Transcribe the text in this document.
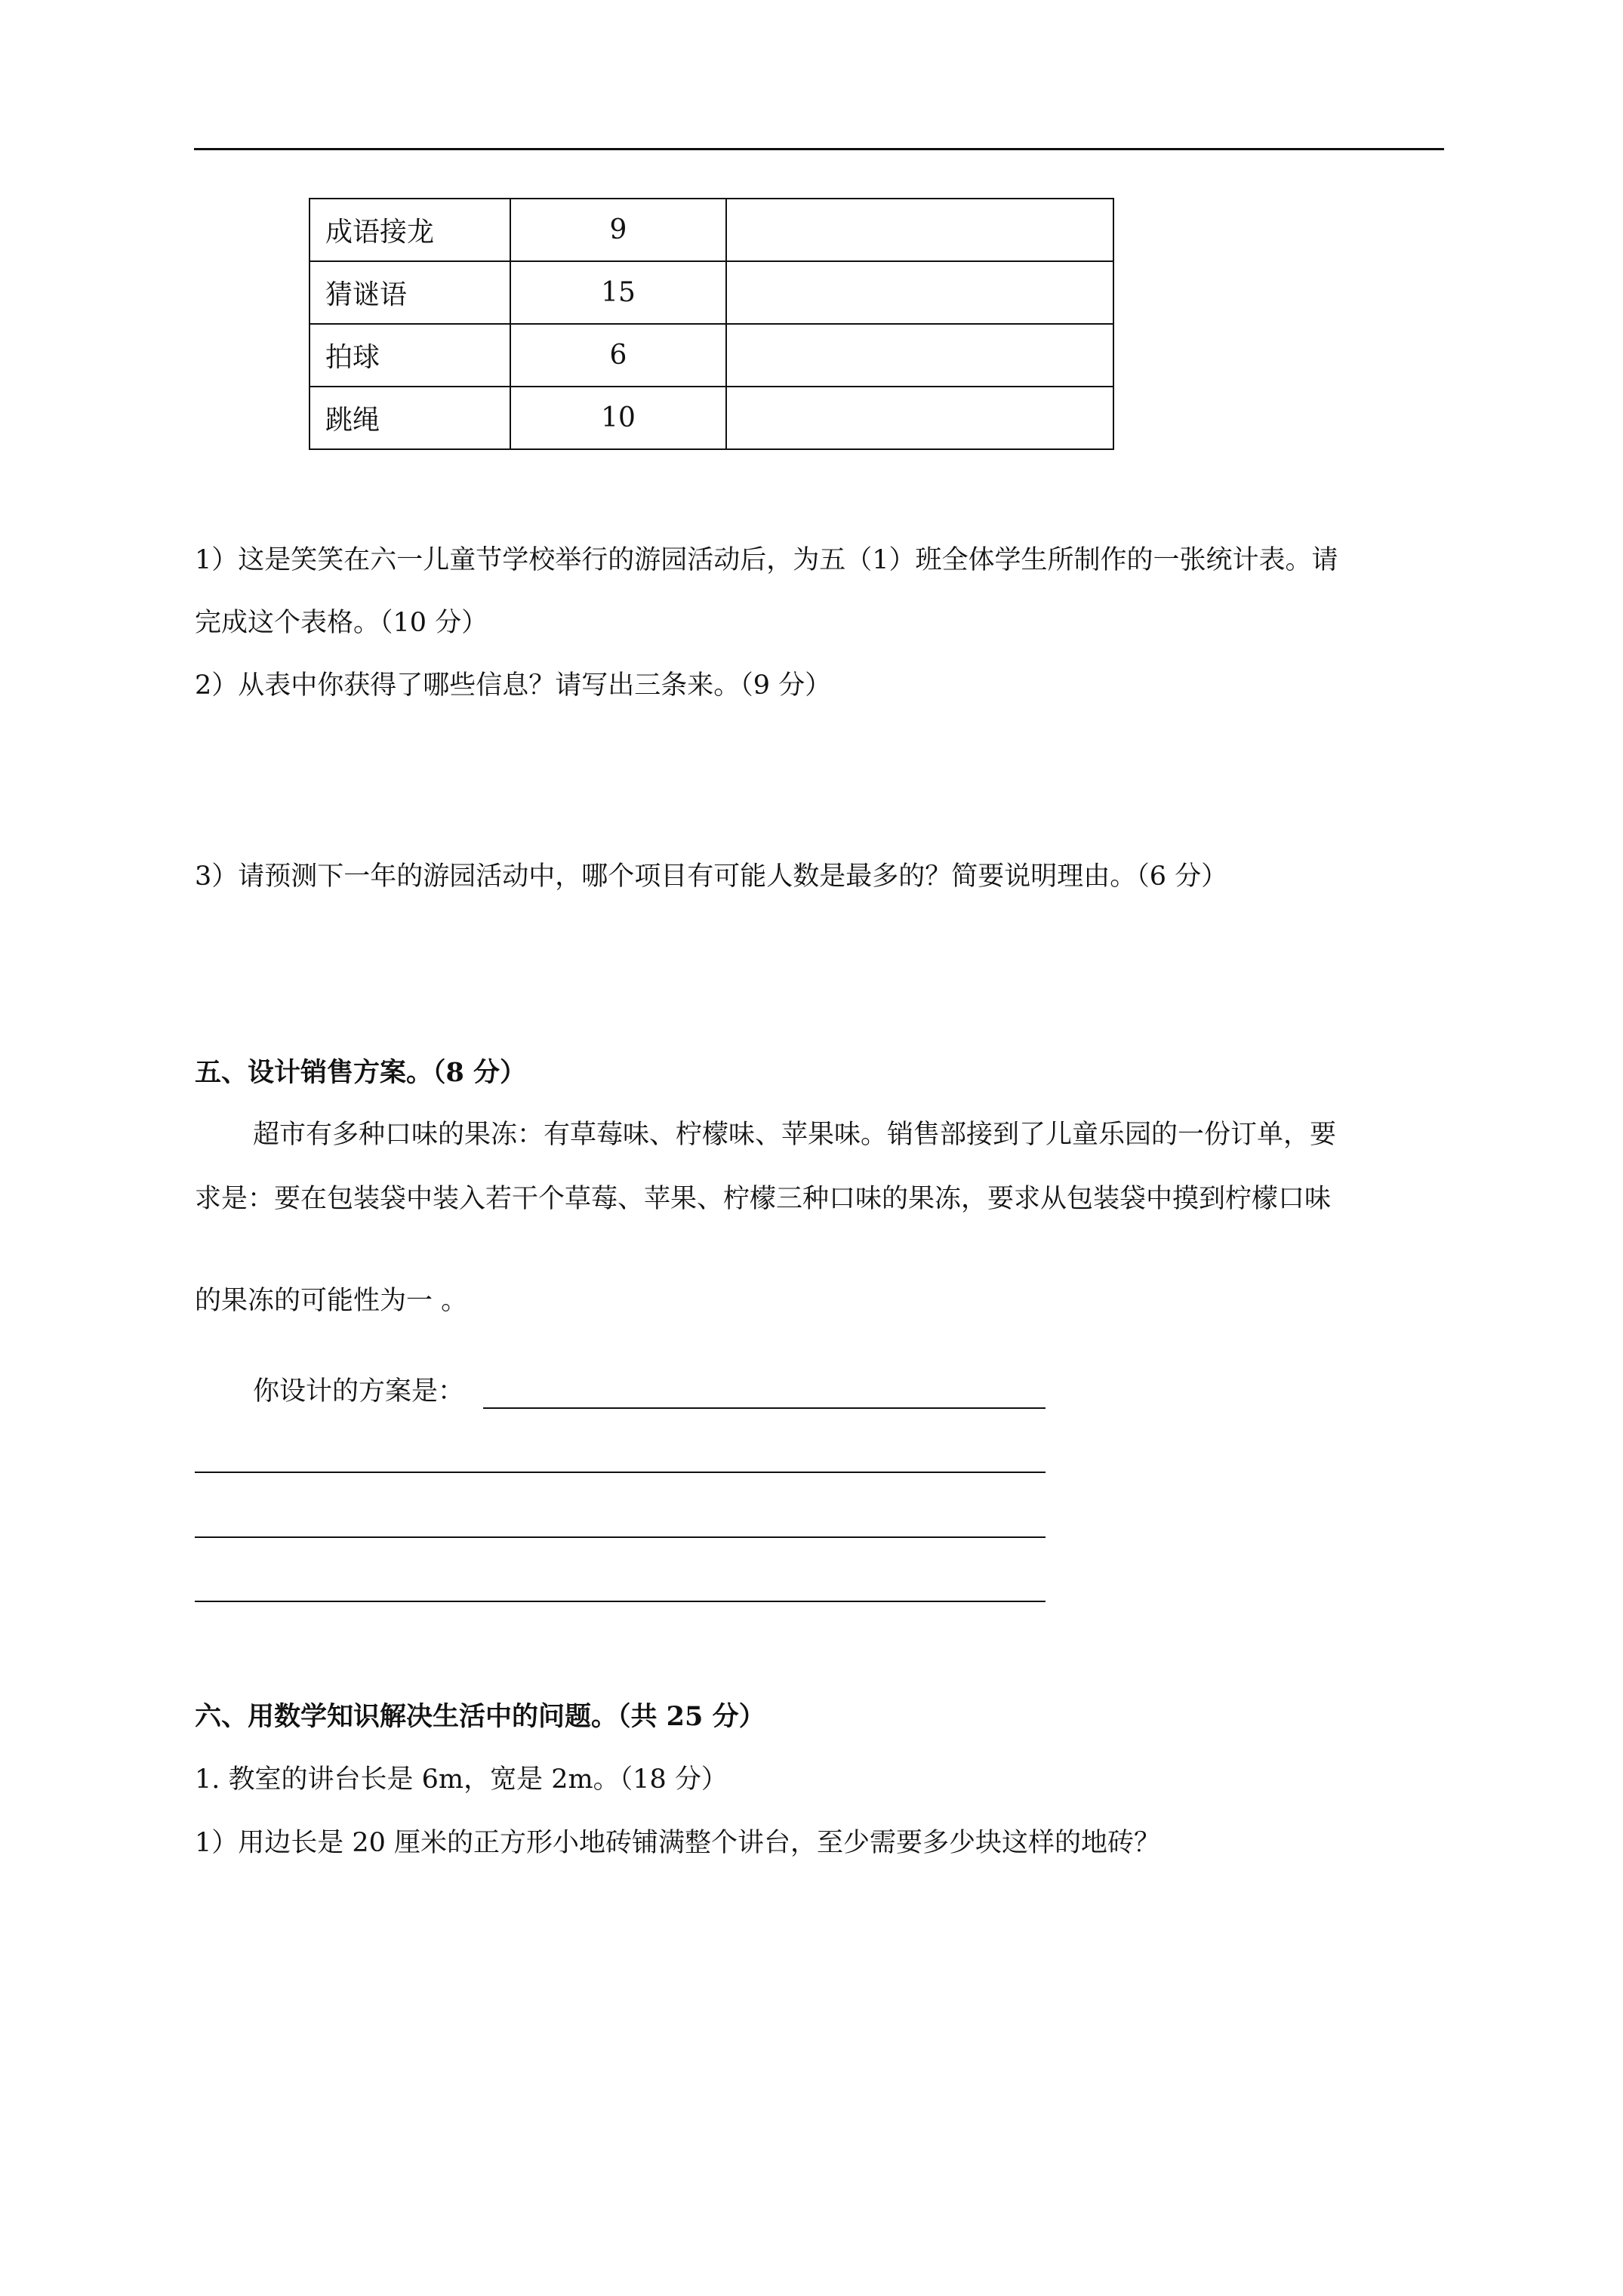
成语接龙	9	
猜谜语	15	
拍球	6	
跳绳	10	
1）这是笑笑在六一儿童节学校举行的游园活动后，为五（1）班全体学生所制作的一张统计表。请
完成这个表格。（10 分）
2）从表中你获得了哪些信息？请写出三条来。（9 分）
3）请预测下一年的游园活动中，哪个项目有可能人数是最多的？简要说明理由。（6 分）
五、设计销售方案。（8 分）
超市有多种口味的果冻：有草莓味、柠檬味、苹果味。销售部接到了儿童乐园的一份订单，要
求是：要在包装袋中装入若干个草莓、苹果、柠檬三种口味的果冻，要求从包装袋中摸到柠檬口味
的果冻的可能性为一 。
你设计的方案是：
六、用数学知识解决生活中的问题。（共 25 分）
1. 教室的讲台长是 6m，宽是 2m。（18 分）
1）用边长是 20 厘米的正方形小地砖铺满整个讲台，至少需要多少块这样的地砖？
